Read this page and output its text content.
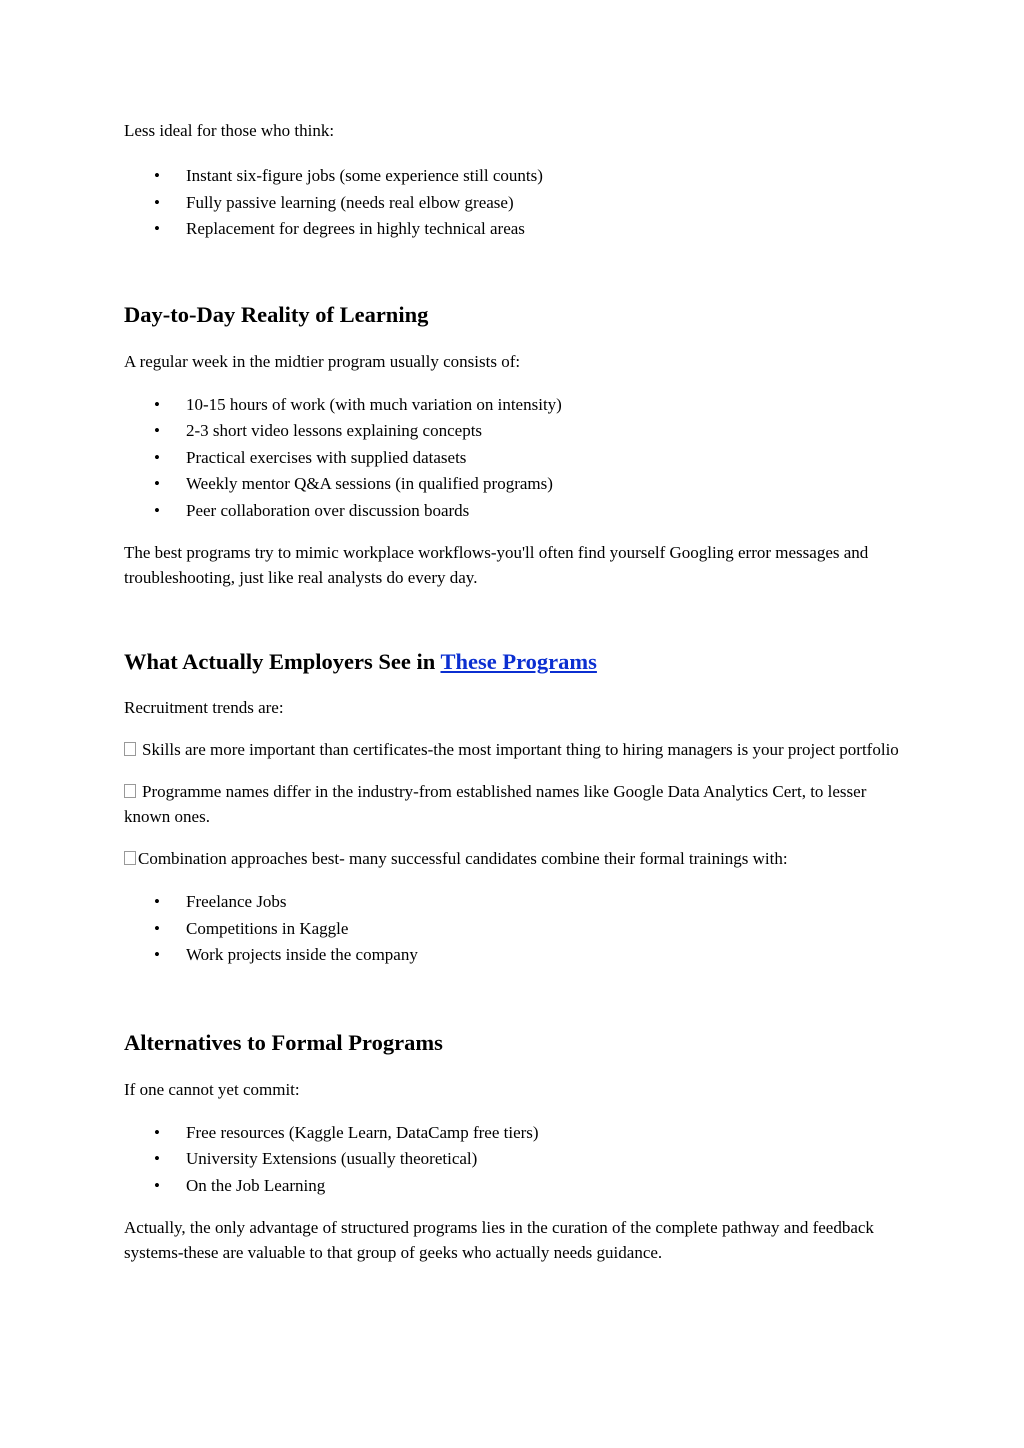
Less ideal for those who think:

• Instant six-figure jobs (some experience still counts)
• Fully passive learning (needs real elbow grease)
• Replacement for degrees in highly technical areas
Day-to-Day Reality of Learning

A regular week in the midtier program usually consists of:

• 10-15 hours of work (with much variation on intensity)
• 2-3 short video lessons explaining concepts
• Practical exercises with supplied datasets
• Weekly mentor Q&A sessions (in qualified programs)
• Peer collaboration over discussion boards

The best programs try to mimic workplace workflows-you'll often find yourself Googling error messages and troubleshooting, just like real analysts do every day.

What Actually Employers See in These Programs

Recruitment trends are:

Skills are more important than certificates-the most important thing to hiring managers is your project portfolio

Programme names differ in the industry-from established names like Google Data Analytics Cert, to lesser known ones.

Combination approaches best- many successful candidates combine their formal trainings with:

• Freelance Jobs
• Competitions in Kaggle
• Work projects inside the company
Alternatives to Formal Programs

If one cannot yet commit:

• Free resources (Kaggle Learn, DataCamp free tiers)
• University Extensions (usually theoretical)
• On the Job Learning

Actually, the only advantage of structured programs lies in the curation of the complete pathway and feedback systems-these are valuable to that group of geeks who actually needs guidance.
